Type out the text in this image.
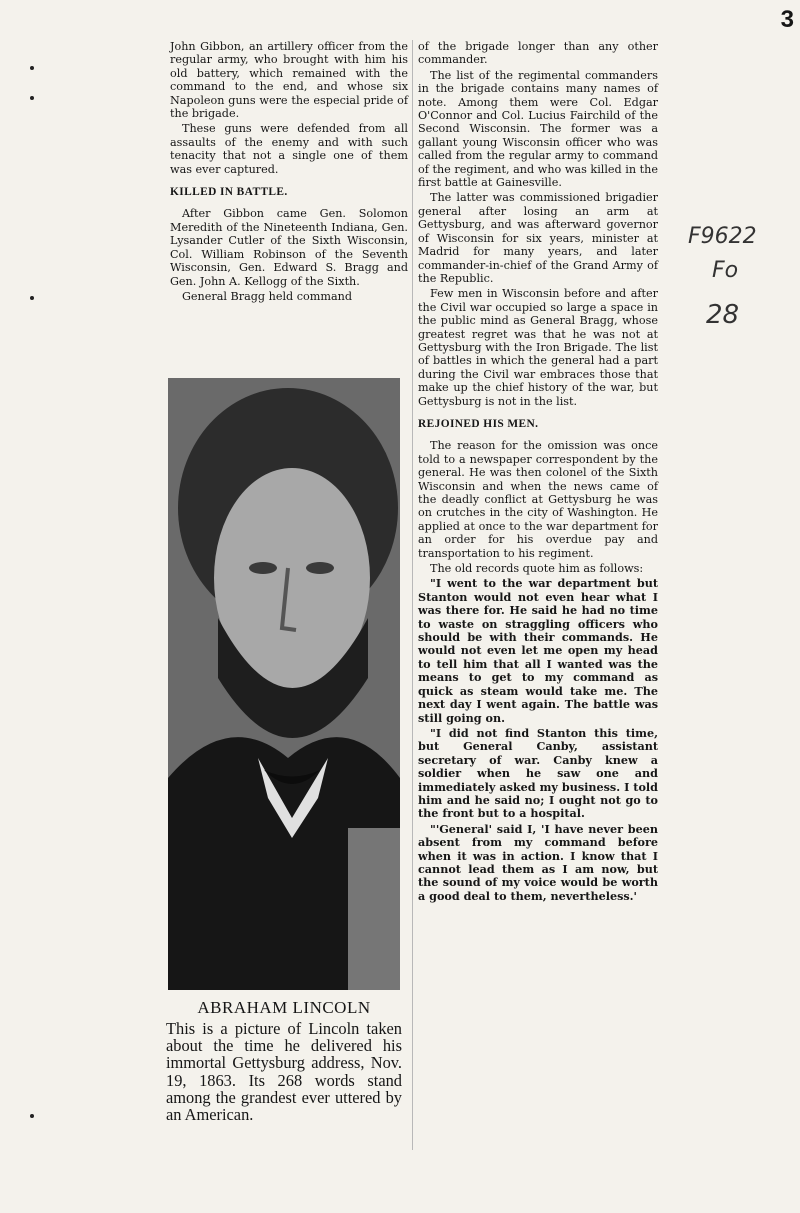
3

John Gibbon, an artillery officer from the regular army, who brought with him his old battery, which remained with the command to the end, and whose six Napoleon guns were the especial pride of the brigade.

These guns were defended from all assaults of the enemy and with such tenacity that not a single one of them was ever captured.

KILLED IN BATTLE.

After Gibbon came Gen. Solomon Meredith of the Nineteenth Indiana, Gen. Lysander Cutler of the Sixth Wisconsin, Col. William Robinson of the Seventh Wisconsin, Gen. Edward S. Bragg and Gen. John A. Kellogg of the Sixth.

General Bragg held command

ABRAHAM LINCOLN
This is a picture of Lincoln taken about the time he delivered his immortal Gettysburg address, Nov. 19, 1863. Its 268 words stand among the grandest ever uttered by an American.

of the brigade longer than any other commander.

The list of the regimental commanders in the brigade contains many names of note. Among them were Col. Edgar O'Connor and Col. Lucius Fairchild of the Second Wisconsin. The former was a gallant young Wisconsin officer who was called from the regular army to command of the regiment, and who was killed in the first battle at Gainesville.

The latter was commissioned brigadier general after losing an arm at Gettysburg, and was afterward governor of Wisconsin for six years, minister at Madrid for many years, and later commander-in-chief of the Grand Army of the Republic.

Few men in Wisconsin before and after the Civil war occupied so large a space in the public mind as General Bragg, whose greatest regret was that he was not at Gettysburg with the Iron Brigade. The list of battles in which the general had a part during the Civil war embraces those that make up the chief history of the war, but Gettysburg is not in the list.

REJOINED HIS MEN.

The reason for the omission was once told to a newspaper correspondent by the general. He was then colonel of the Sixth Wisconsin and when the news came of the deadly conflict at Gettysburg he was on crutches in the city of Washington. He applied at once to the war department for an order for his overdue pay and transportation to his regiment.

The old records quote him as follows:

"I went to the war department but Stanton would not even hear what I was there for. He said he had no time to waste on straggling officers who should be with their commands. He would not even let me open my head to tell him that all I wanted was the means to get to my command as quick as steam would take me. The next day I went again. The battle was still going on.

"I did not find Stanton this time, but General Canby, assistant secretary of war. Canby knew a soldier when he saw one and immediately asked my business. I told him and he said no; I ought not go to the front but to a hospital.

"'General' said I, 'I have never been absent from my command before when it was in action. I know that I cannot lead them as I am now, but the sound of my voice would be worth a good deal to them, nevertheless.'

F9622
Fo
28
